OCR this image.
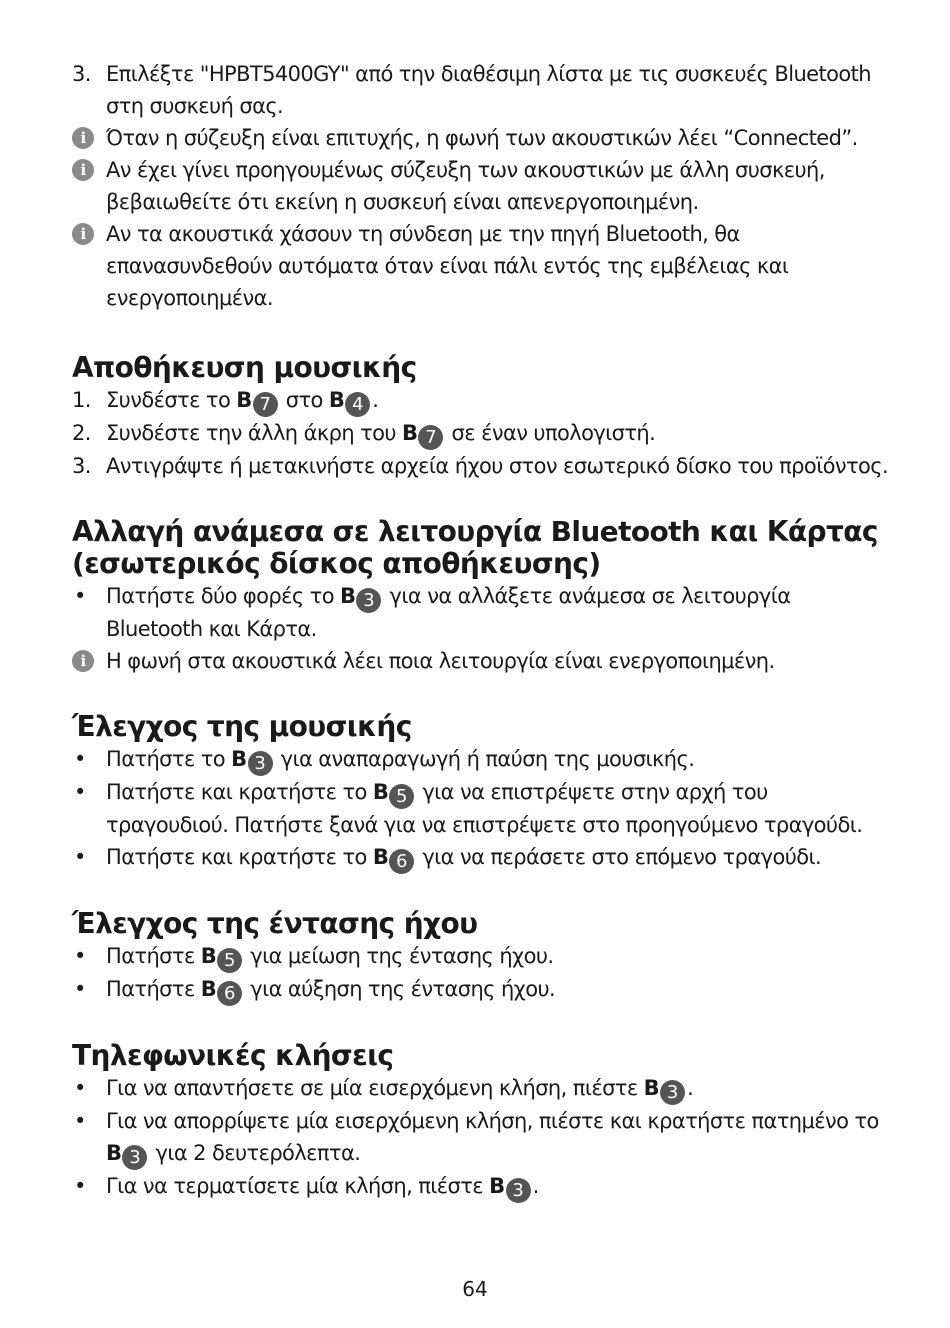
3. Επιλέξτε "HPBT5400GY" από την διαθέσιμη λίστα με τις συσκευές Bluetooth
στη συσκευή σας.
i Όταν η σύζευξη είναι επιτυχής, η φωνή των ακουστικών λέει “Connected”.
i Αν έχει γίνει προηγουμένως σύζευξη των ακουστικών με άλλη συσκευή,
βεβαιωθείτε ότι εκείνη η συσκευή είναι απενεργοποιημένη.
i Αν τα ακουστικά χάσουν τη σύνδεση με την πηγή Bluetooth, θα
επανασυνδεθούν αυτόματα όταν είναι πάλι εντός της εμβέλειας και
ενεργοποιημένα.
Αποθήκευση μουσικής
1. Συνδέστε το B 7 στο B 4 .
2. Συνδέστε την άλλη άκρη του B 7 σε έναν υπολογιστή.
3. Αντιγράψτε ή μετακινήστε αρχεία ήχου στον εσωτερικό δίσκο του προϊόντος.
Αλλαγή ανάμεσα σε λειτουργία Bluetooth και Κάρτας
(εσωτερικός δίσκος αποθήκευσης)
• Πατήστε δύο φορές το B 3 για να αλλάξετε ανάμεσα σε λειτουργία
Bluetooth και Κάρτα.
i Η φωνή στα ακουστικά λέει ποια λειτουργία είναι ενεργοποιημένη.
Έλεγχος της μουσικής
• Πατήστε το B 3 για αναπαραγωγή ή παύση της μουσικής.
• Πατήστε και κρατήστε το B 5 για να επιστρέψετε στην αρχή του
τραγουδιού. Πατήστε ξανά για να επιστρέψετε στο προηγούμενο τραγούδι.
• Πατήστε και κρατήστε το B 6 για να περάσετε στο επόμενο τραγούδι.
Έλεγχος της έντασης ήχου
• Πατήστε B 5 για μείωση της έντασης ήχου.
• Πατήστε B 6 για αύξηση της έντασης ήχου.
Τηλεφωνικές κλήσεις
• Για να απαντήσετε σε μία εισερχόμενη κλήση, πιέστε B 3 .
• Για να απορρίψετε μία εισερχόμενη κλήση, πιέστε και κρατήστε πατημένο το
B 3 για 2 δευτερόλεπτα.
• Για να τερματίσετε μία κλήση, πιέστε B 3 .
64
